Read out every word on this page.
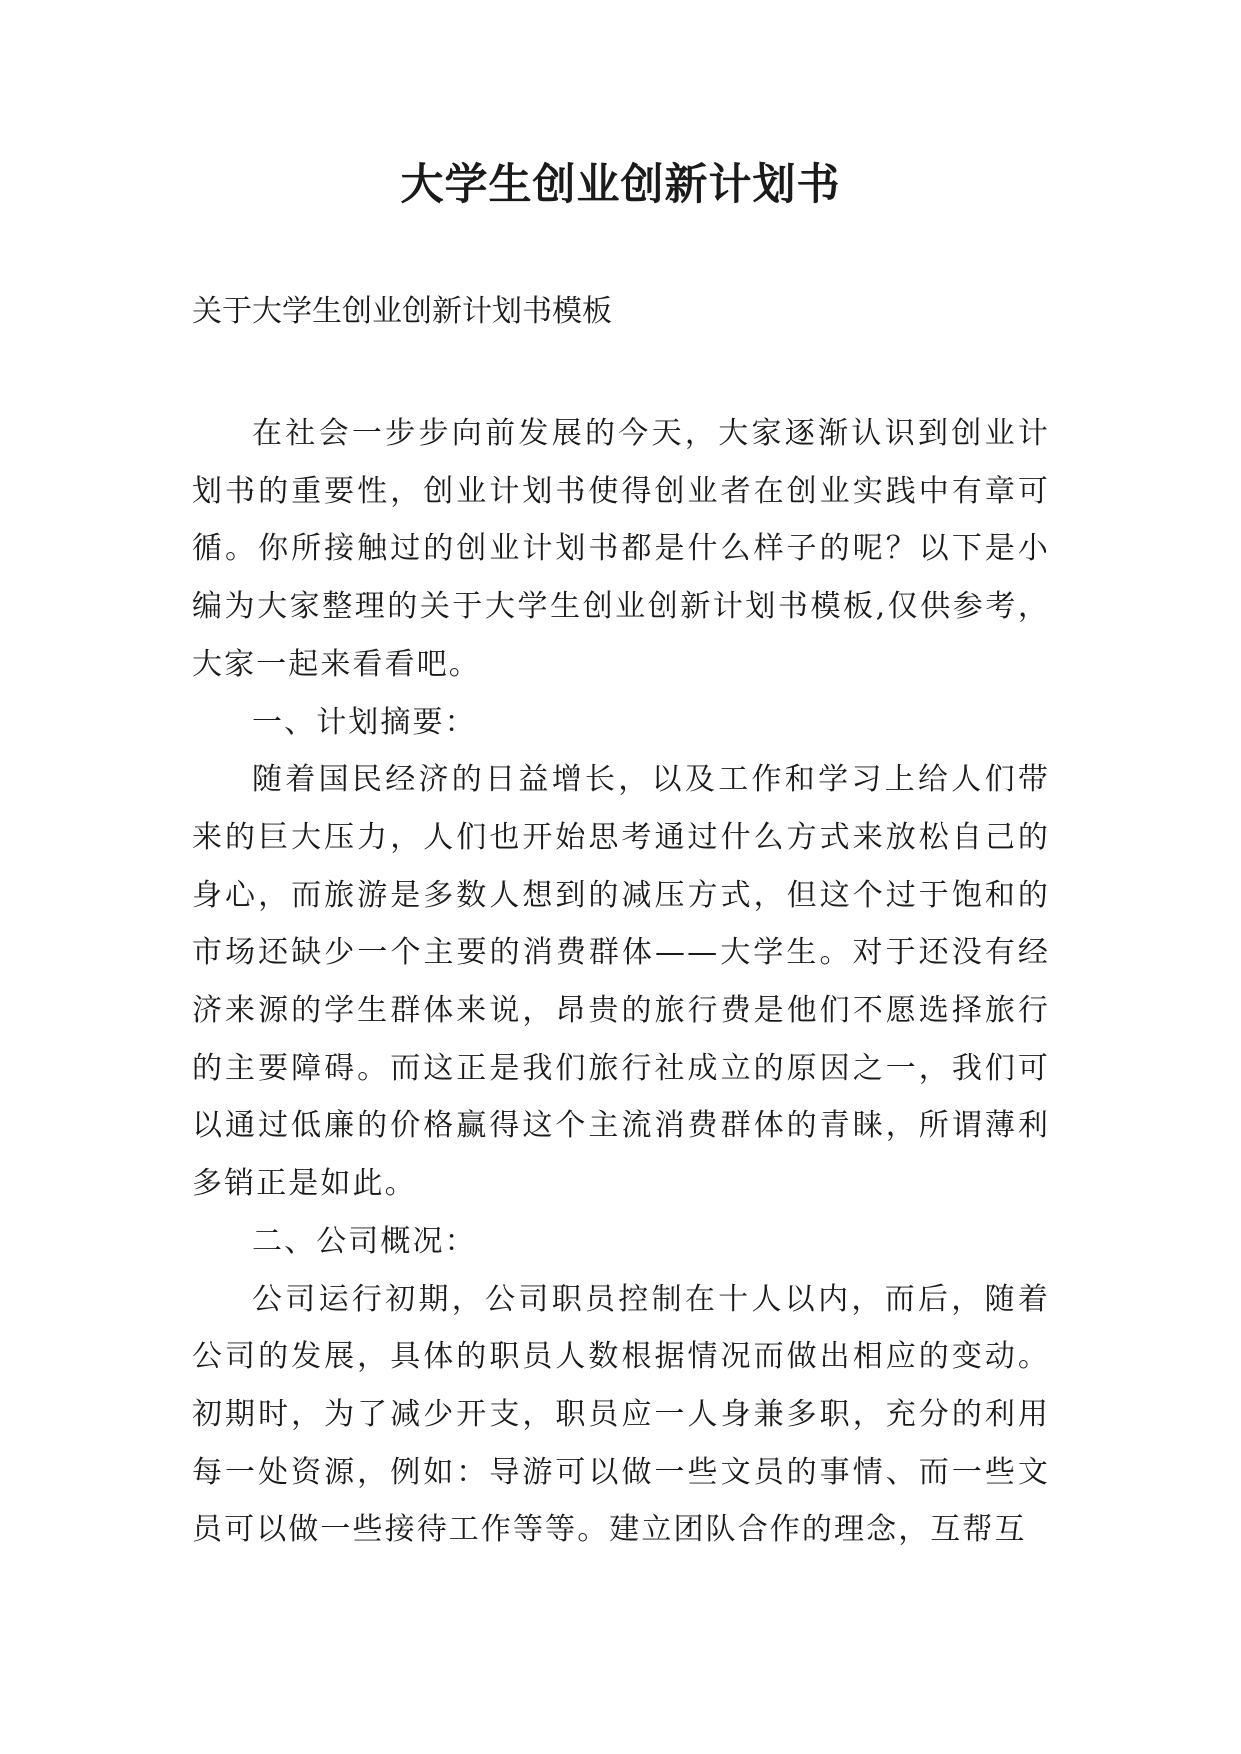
大学生创业创新计划书

关于大学生创业创新计划书模板

在社会一步步向前发展的今天，大家逐渐认识到创业计划书的重要性，创业计划书使得创业者在创业实践中有章可循。你所接触过的创业计划书都是什么样子的呢？以下是小编为大家整理的关于大学生创业创新计划书模板,仅供参考，大家一起来看看吧。

一、计划摘要：

随着国民经济的日益增长，以及工作和学习上给人们带来的巨大压力，人们也开始思考通过什么方式来放松自己的身心，而旅游是多数人想到的减压方式，但这个过于饱和的市场还缺少一个主要的消费群体——大学生。对于还没有经济来源的学生群体来说，昂贵的旅行费是他们不愿选择旅行的主要障碍。而这正是我们旅行社成立的原因之一，我们可以通过低廉的价格赢得这个主流消费群体的青睐，所谓薄利多销正是如此。

二、公司概况：

公司运行初期，公司职员控制在十人以内，而后，随着公司的发展，具体的职员人数根据情况而做出相应的变动。初期时，为了减少开支，职员应一人身兼多职，充分的利用每一处资源，例如：导游可以做一些文员的事情、而一些文员可以做一些接待工作等等。建立团队合作的理念，互帮互
